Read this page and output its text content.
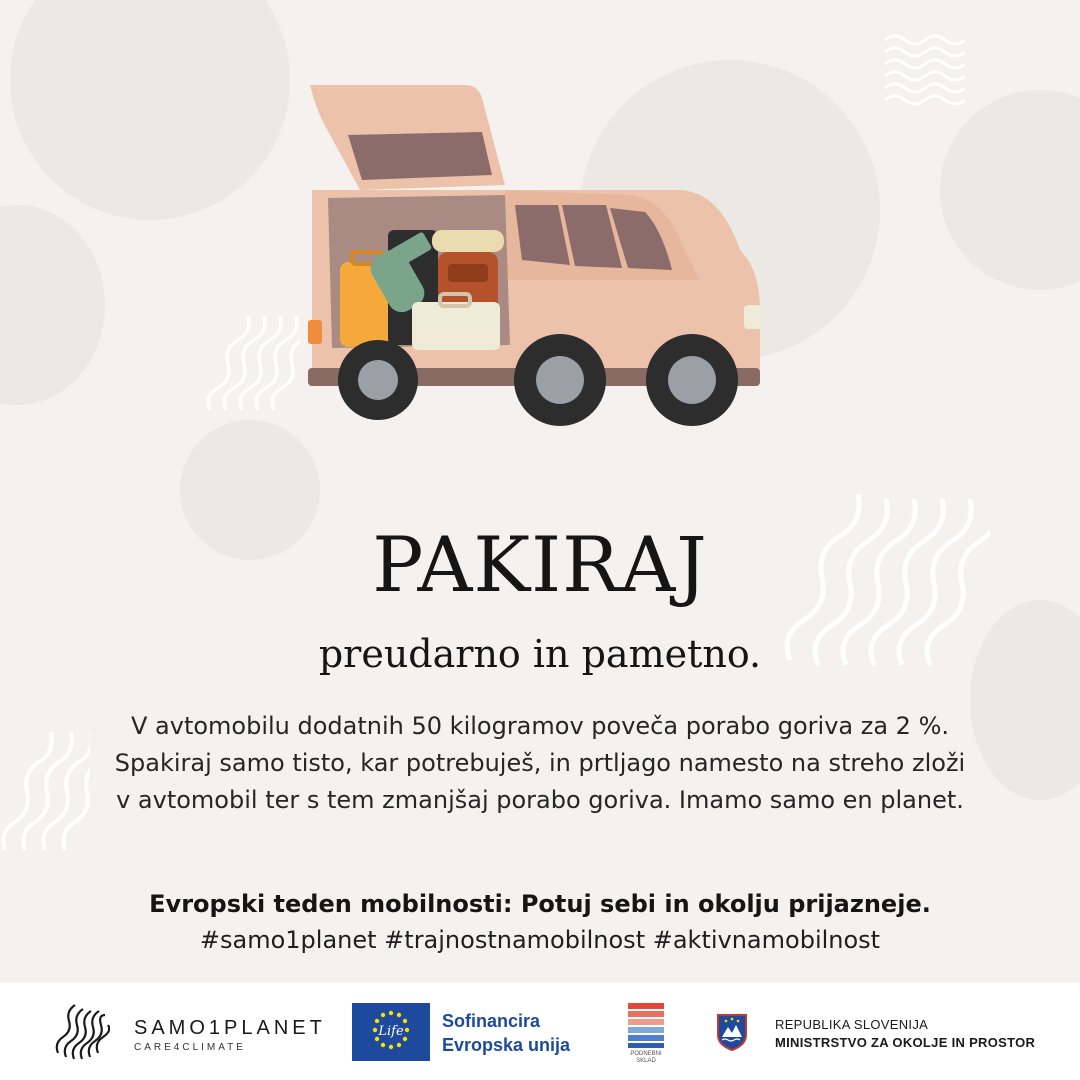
PAKIRAJ

preudarno in pametno.

V avtomobilu dodatnih 50 kilogramov poveča porabo goriva za 2 %. Spakiraj samo tisto, kar potrebuješ, in prtljago namesto na streho zloži v avtomobil ter s tem zmanjšaj porabo goriva. Imamo samo en planet.

Evropski teden mobilnosti: Potuj sebi in okolju prijazneje.

#samo1planet #trajnostnamobilnost #aktivnamobilnost

SAMO1PLANET
CARE4CLIMATE
Life
Sofinancira
Evropska unija	PODNEBNI
SKLAD
REPUBLIKA SLOVENIJA
MINISTRSTVO ZA OKOLJE IN PROSTOR
